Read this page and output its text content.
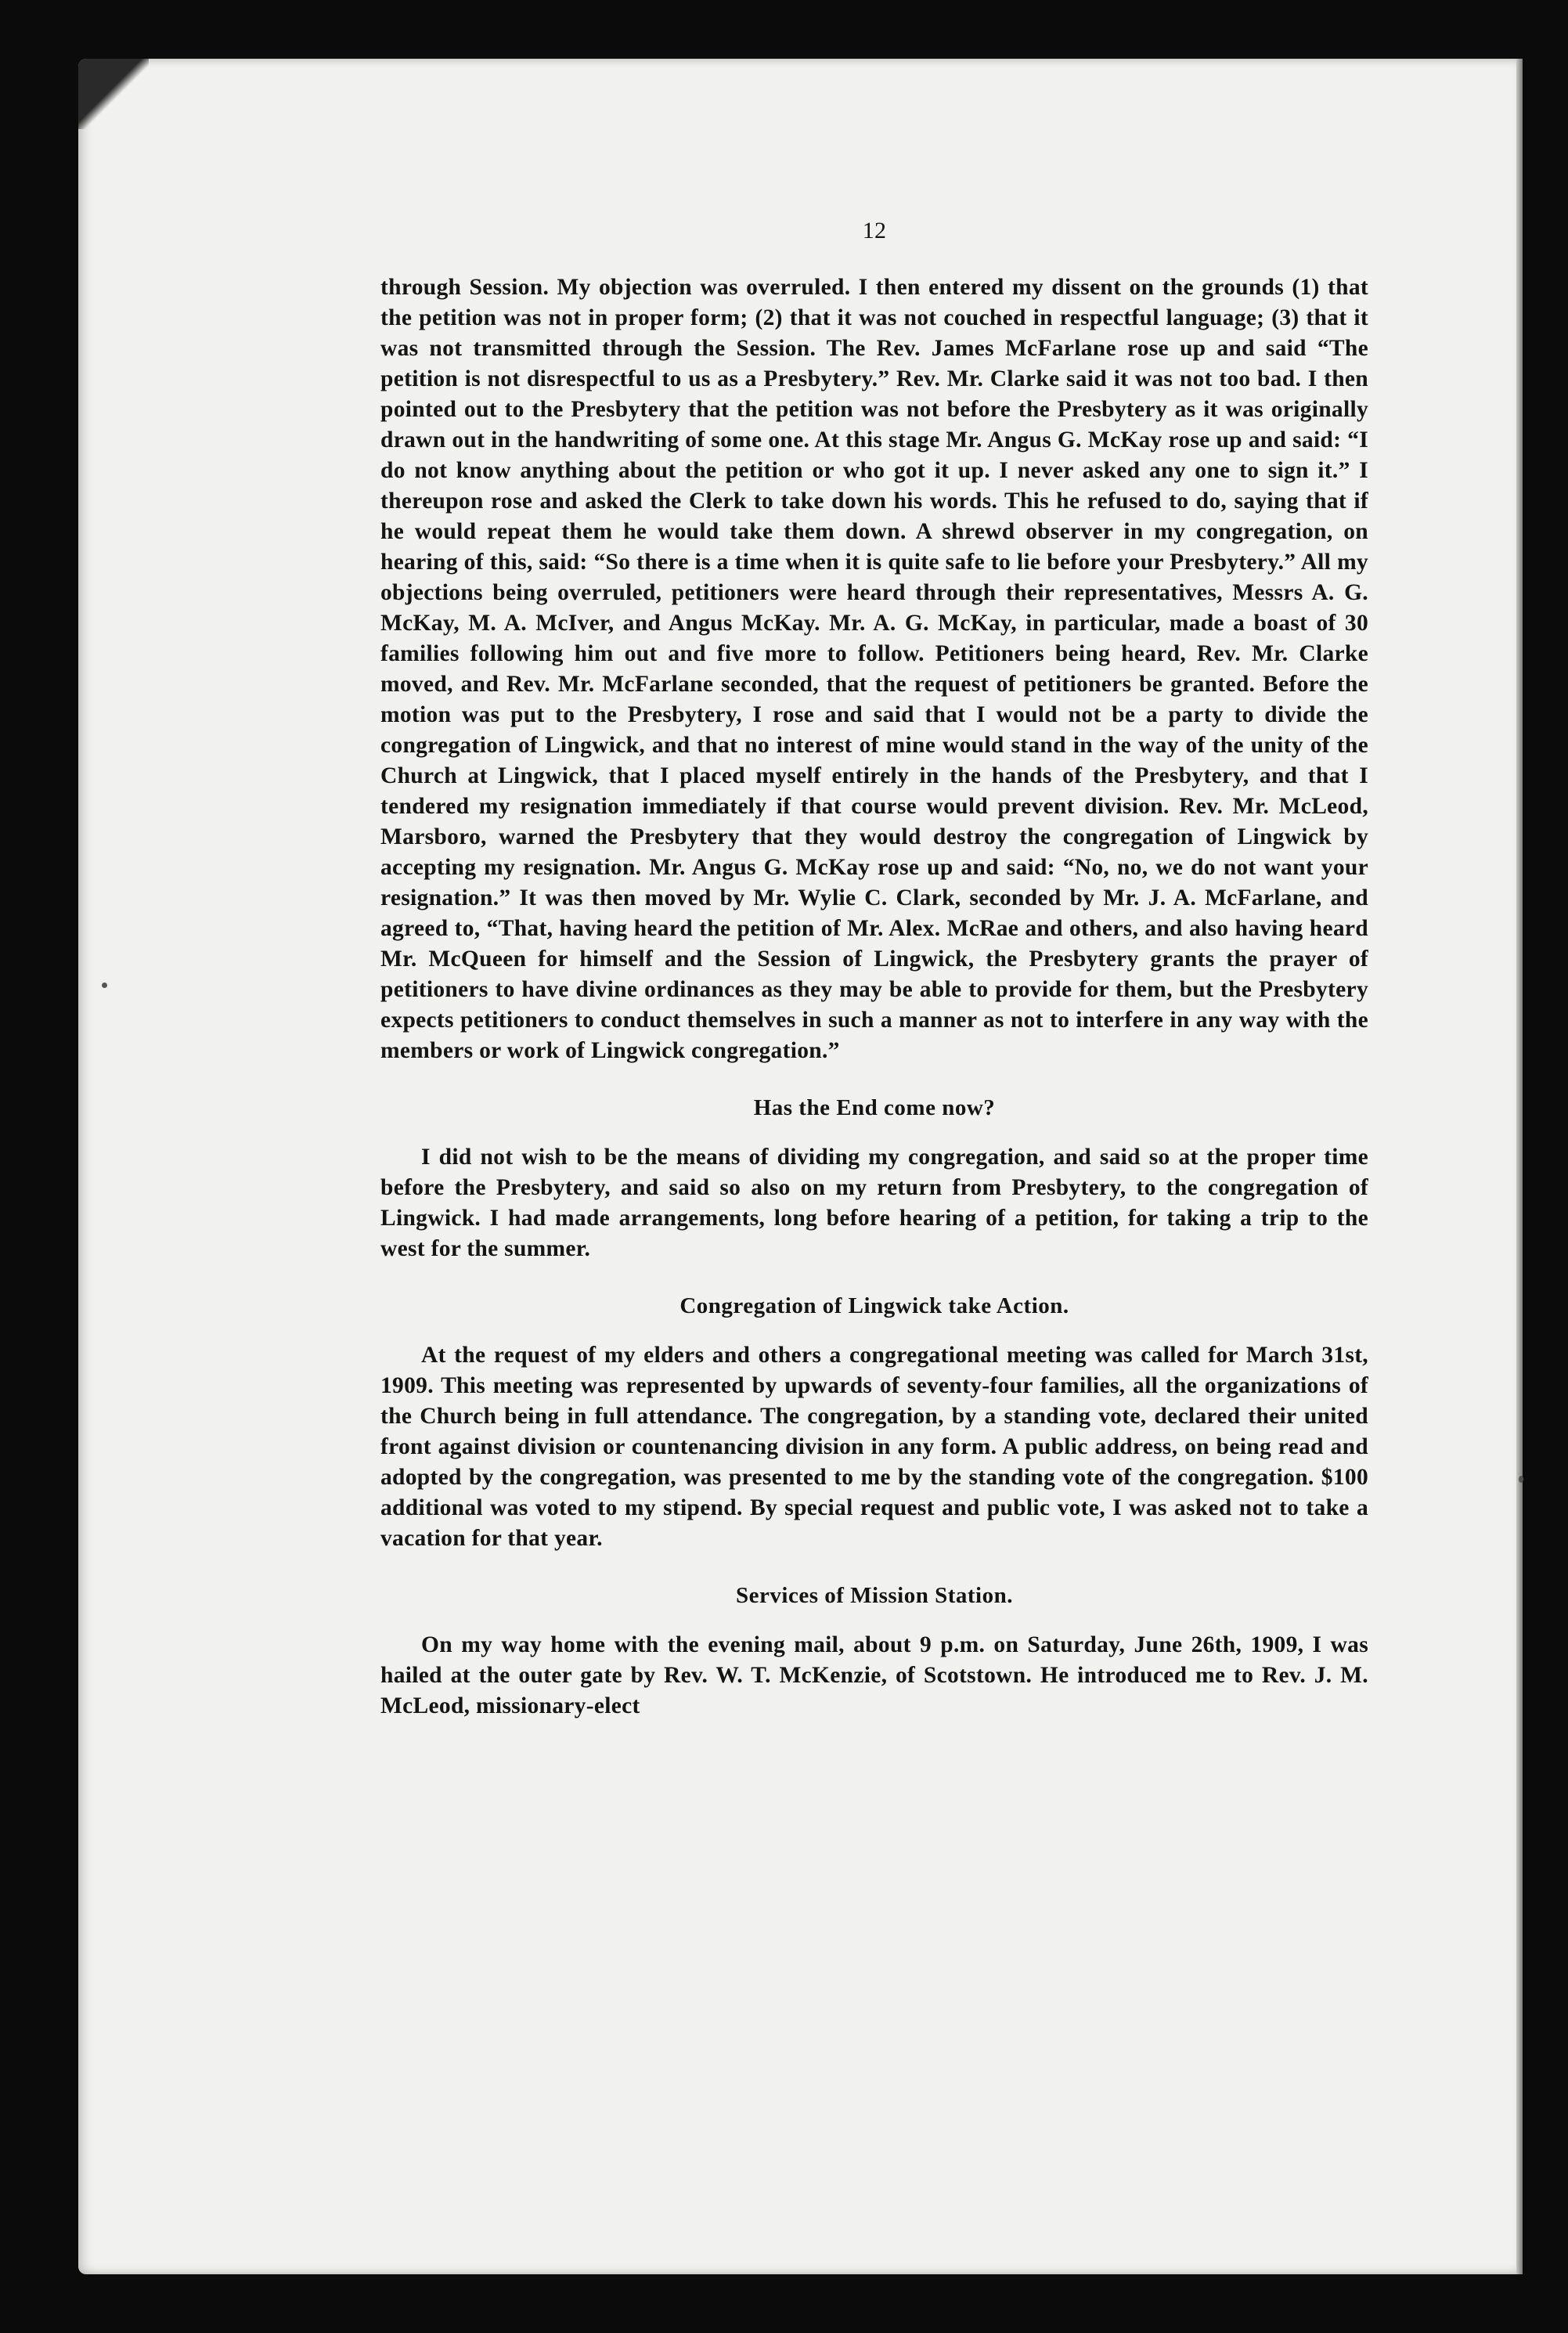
12

through Session. My objection was overruled. I then entered my dissent on the grounds (1) that the petition was not in proper form; (2) that it was not couched in respectful language; (3) that it was not transmitted through the Session. The Rev. James McFarlane rose up and said “The petition is not disrespectful to us as a Presbytery.” Rev. Mr. Clarke said it was not too bad. I then pointed out to the Presbytery that the petition was not before the Presbytery as it was originally drawn out in the handwriting of some one. At this stage Mr. Angus G. McKay rose up and said: “I do not know anything about the petition or who got it up. I never asked any one to sign it.” I thereupon rose and asked the Clerk to take down his words. This he refused to do, saying that if he would repeat them he would take them down. A shrewd observer in my congregation, on hearing of this, said: “So there is a time when it is quite safe to lie before your Presbytery.” All my objections being overruled, petitioners were heard through their representatives, Messrs A. G. McKay, M. A. McIver, and Angus McKay. Mr. A. G. McKay, in particular, made a boast of 30 families following him out and five more to follow. Petitioners being heard, Rev. Mr. Clarke moved, and Rev. Mr. McFarlane seconded, that the request of petitioners be granted. Before the motion was put to the Presbytery, I rose and said that I would not be a party to divide the congregation of Lingwick, and that no interest of mine would stand in the way of the unity of the Church at Lingwick, that I placed myself entirely in the hands of the Presbytery, and that I tendered my resignation immediately if that course would prevent division. Rev. Mr. McLeod, Marsboro, warned the Presbytery that they would destroy the congregation of Lingwick by accepting my resignation. Mr. Angus G. McKay rose up and said: “No, no, we do not want your resignation.” It was then moved by Mr. Wylie C. Clark, seconded by Mr. J. A. McFarlane, and agreed to, “That, having heard the petition of Mr. Alex. McRae and others, and also having heard Mr. McQueen for himself and the Session of Lingwick, the Presbytery grants the prayer of petitioners to have divine ordinances as they may be able to provide for them, but the Presbytery expects petitioners to conduct themselves in such a manner as not to interfere in any way with the members or work of Lingwick congregation.”

Has the End come now?

I did not wish to be the means of dividing my congregation, and said so at the proper time before the Presbytery, and said so also on my return from Presbytery, to the congregation of Lingwick. I had made arrangements, long before hearing of a petition, for taking a trip to the west for the summer.

Congregation of Lingwick take Action.

At the request of my elders and others a congregational meeting was called for March 31st, 1909. This meeting was represented by upwards of seventy-four families, all the organizations of the Church being in full attendance. The congregation, by a standing vote, declared their united front against division or countenancing division in any form. A public address, on being read and adopted by the congregation, was presented to me by the standing vote of the congregation. $100 additional was voted to my stipend. By special request and public vote, I was asked not to take a vacation for that year.

Services of Mission Station.

On my way home with the evening mail, about 9 p.m. on Saturday, June 26th, 1909, I was hailed at the outer gate by Rev. W. T. McKenzie, of Scotstown. He introduced me to Rev. J. M. McLeod, missionary-elect
